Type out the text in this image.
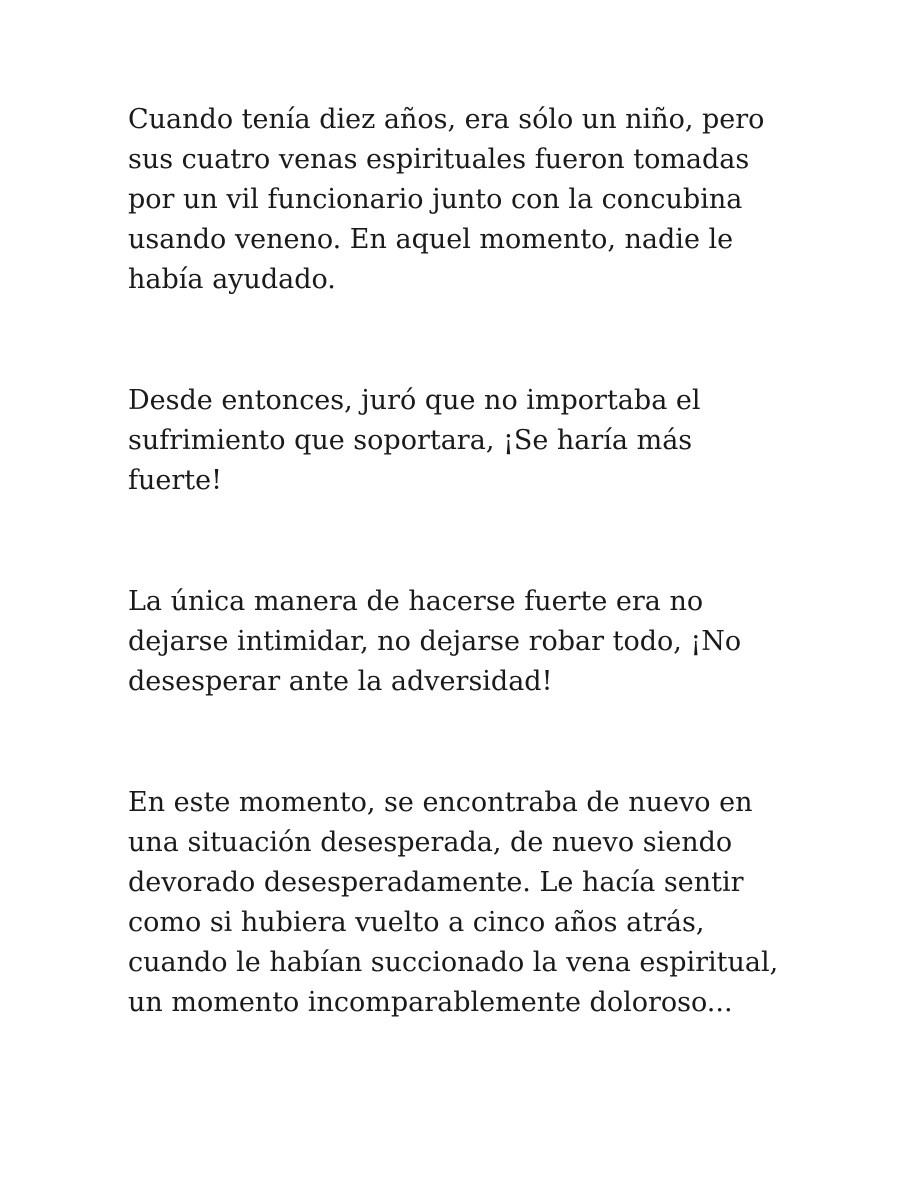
Cuando tenía diez años, era sólo un niño, pero sus cuatro venas espirituales fueron tomadas por un vil funcionario junto con la concubina usando veneno. En aquel momento, nadie le había ayudado.

Desde entonces, juró que no importaba el sufrimiento que soportara, ¡Se haría más fuerte!

La única manera de hacerse fuerte era no dejarse intimidar, no dejarse robar todo, ¡No desesperar ante la adversidad!

En este momento, se encontraba de nuevo en una situación desesperada, de nuevo siendo devorado desesperadamente. Le hacía sentir como si hubiera vuelto a cinco años atrás, cuando le habían succionado la vena espiritual, un momento incomparablemente doloroso...
